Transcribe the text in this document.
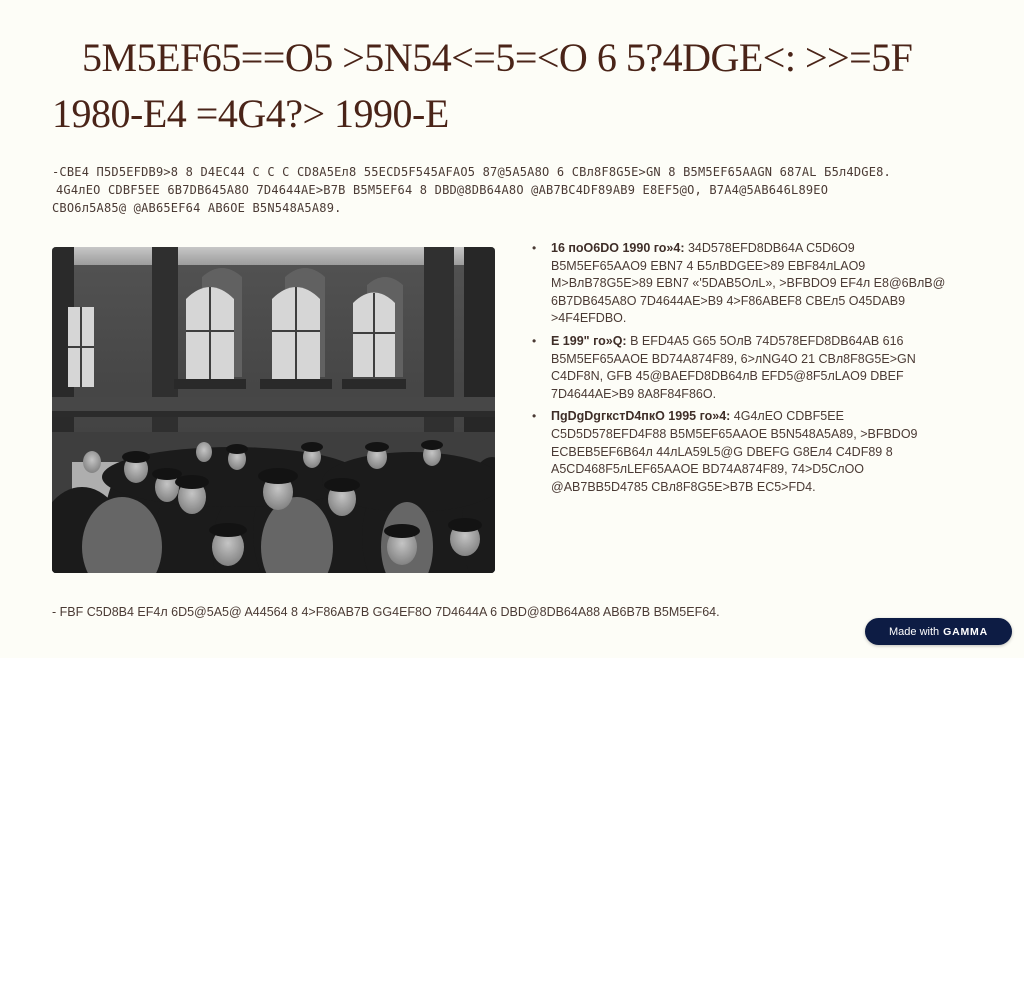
5M5EF65==O5 >5N54<=5=<O 6 5?4DGE<: >>=5F
1980-E4 =4G4?> 1990-E
-CBE4 П5D5EFDB9>8 8 D4EC44 C C C CD8A5Eл8 55ECD5F545AFAO5 87@5A5A8O 6 CВл8F8G5E>GN 8 B5M5EF65AAGN 687AL Б5л4DGE8.
4G4лЕO CDBF5EE 6B7DB645A8O 7D4644AE>B7B B5M5EF64 8 DBD@8DB64A8O @AB7BC4DF89AB9 E8EF5@O, B7A4@5AB646L89EO
CВO6л5A85@ @AB65EF64 AB6OE B5N548A5A89.
• 16 поO6DO 1990 го»4: 34D578EFD8DB64A C5D6O9
B5M5EF65AAO9 EBN7 4 Б5лBDGEE>89 EBF84лLAO9
M>ВлB78G5E>89 EBN7 «'5DAB5OлL», >BFBDO9 EF4л E8@6BлB@
6B7DB645A8O 7D4644AE>B9 4>F86ABEF8 CВEл5 O45DAB9
>4F4EFDBO.
• E 199" го»Q: B EFD4A5 G65 5OлB 74D578EFD8DB64AB 616
B5M5EF65AAOE BD74A874F89, 6>лNG4O 21 CВл8F8G5E>GN
C4DF8N, GFB 45@BAEFD8DB64лB EFD5@8F5лLAO9 DBEF
7D4644AE>B9 8A8F84F86O.
• ПgDgDgгкстD4пкO 1995 го»4: 4G4лЕO CDBF5EE
C5D5D578EFD4F88 B5M5EF65AAOE B5N548A5A89, >BFBDO9
ECBEB5EF6B64л 44лLA59L5@G DBEFG G8Eл4 C4DF89 8
A5CD468F5лLEF65AAOE BD74A874F89, 74>D5СлOO
@AB7BB5D4785 CВл8F8G5E>B7B EC5>FD4.
- FBF C5D8B4 EF4л 6D5@5A5@ A44564 8 4>F86AB7B GG4EF8O 7D4644A 6 DBD@8DB64A88 AB6B7B B5M5EF64.
Made with GAMMA
